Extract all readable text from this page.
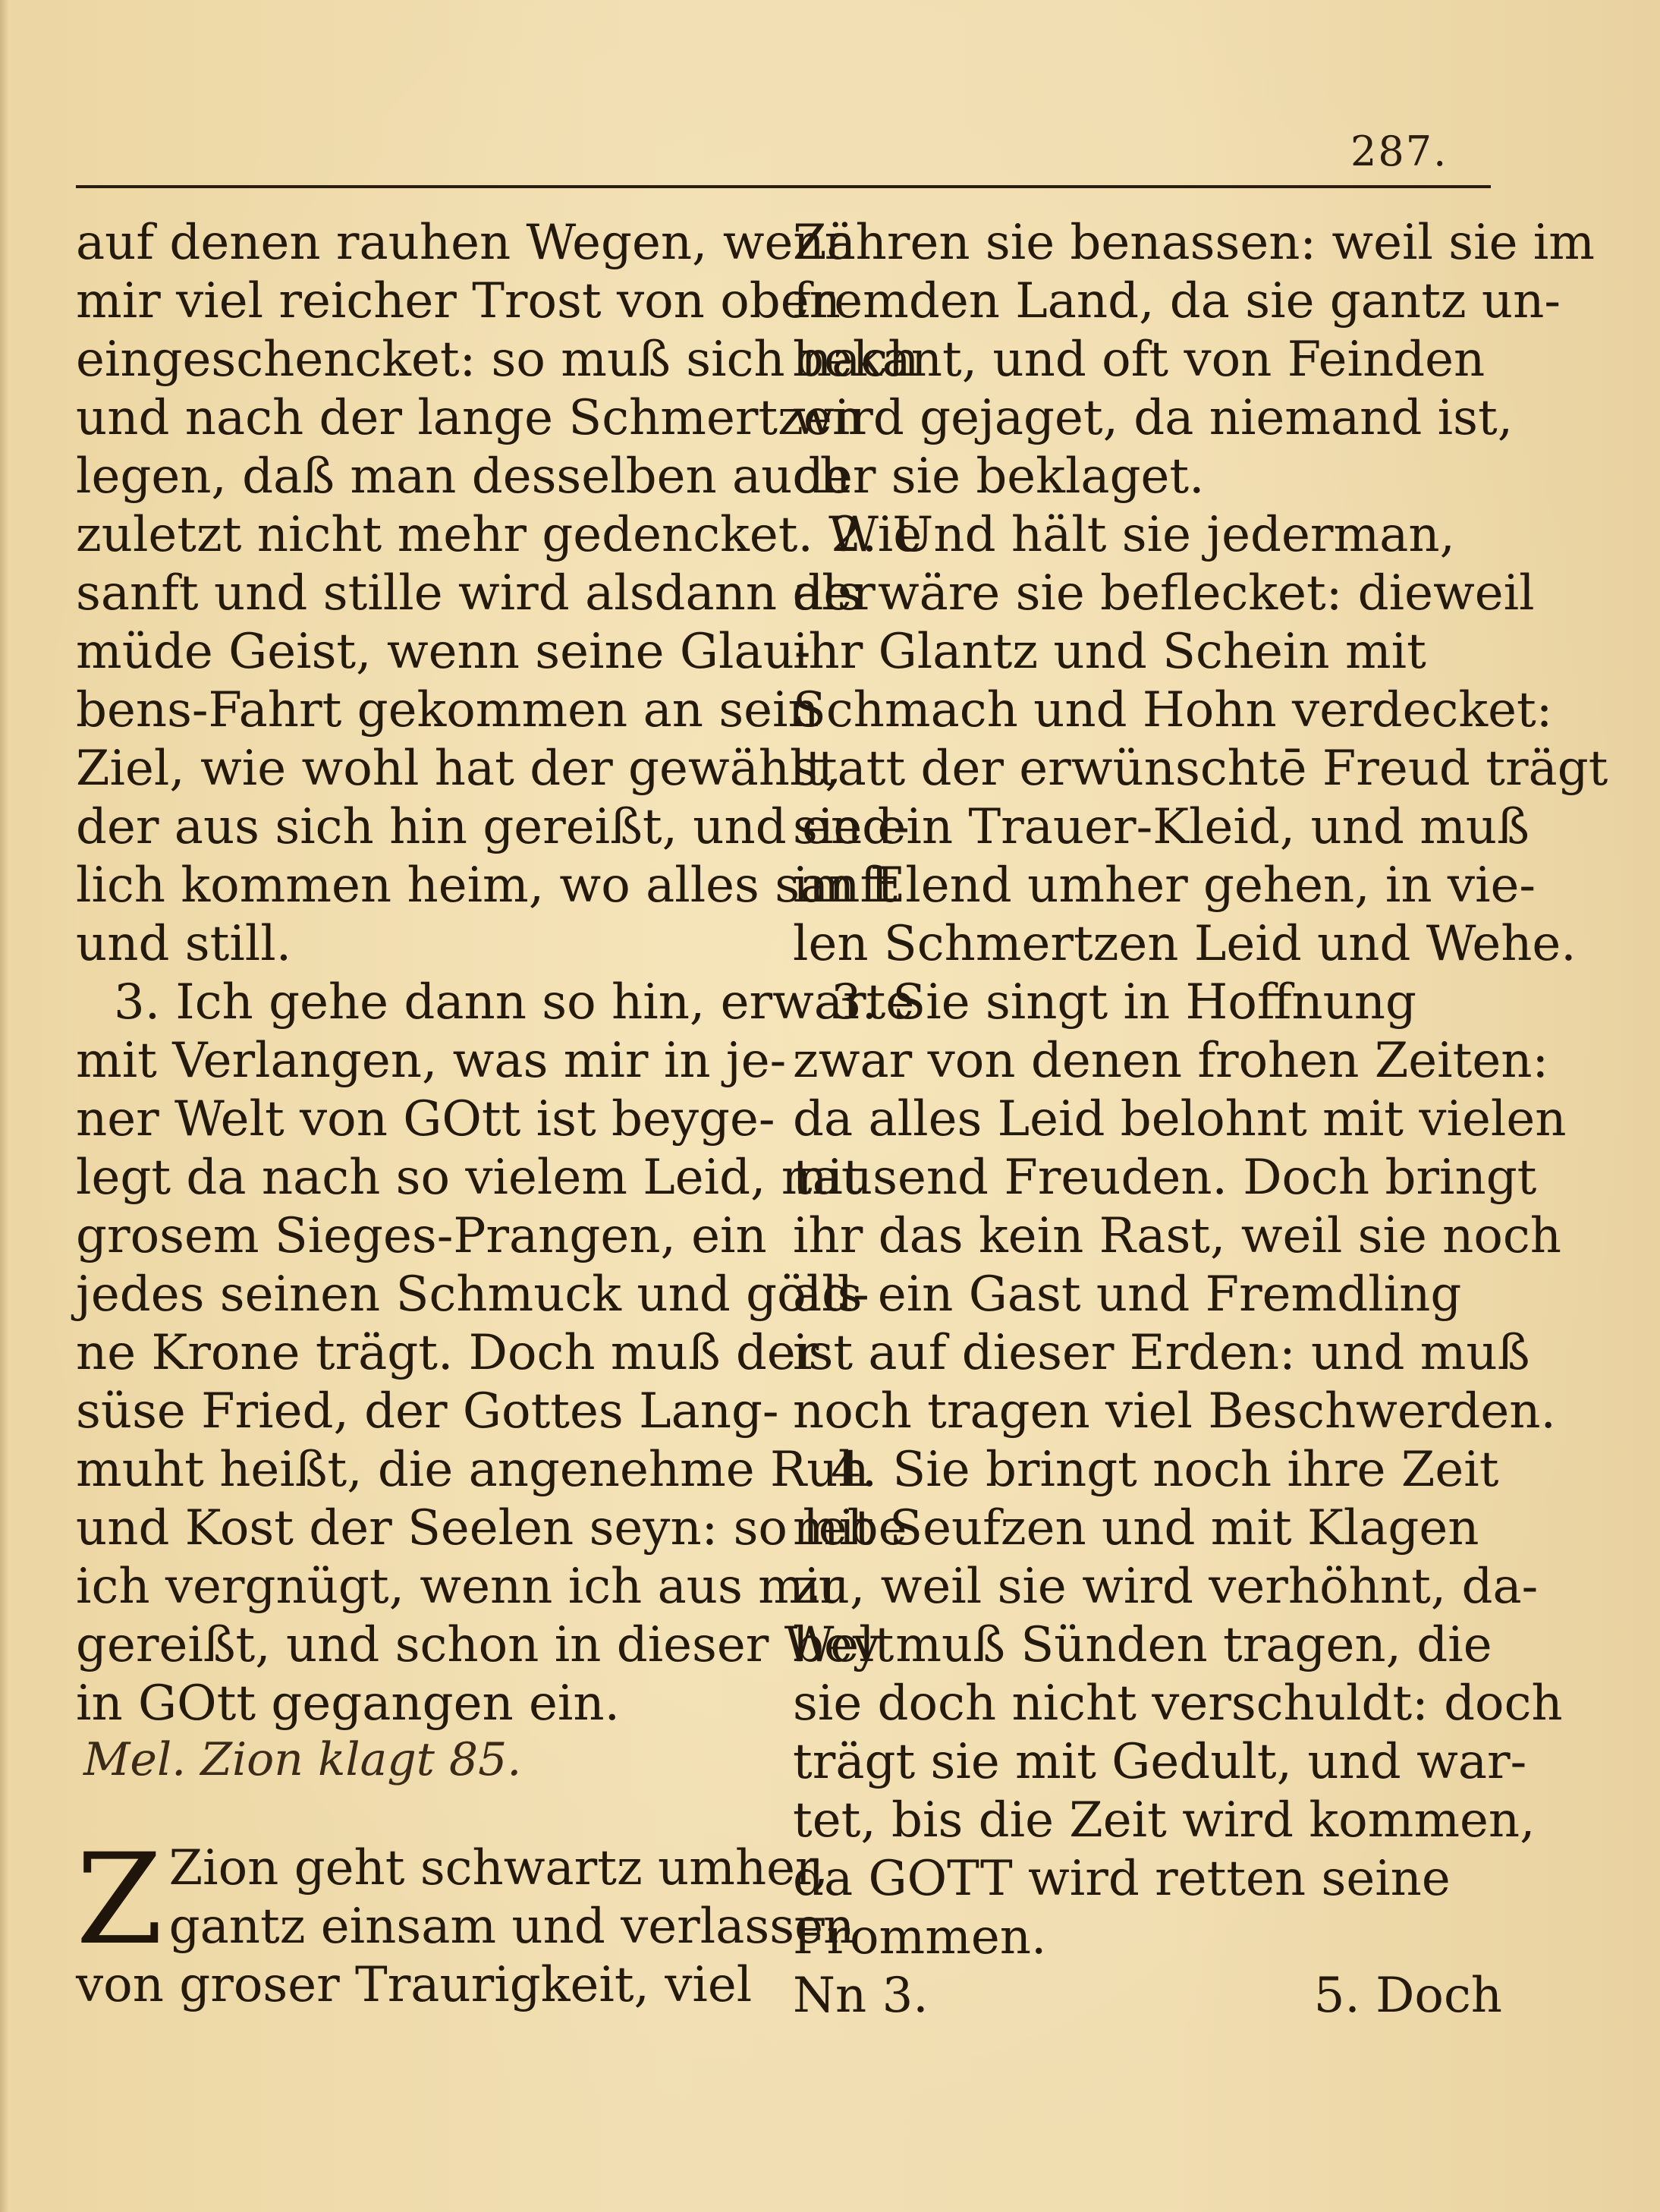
287.
auf denen rauhen Wegen, wenn
mir viel reicher Trost von oben
eingeschencket: so muß sich nach
und nach der lange Schmertzen
legen, daß man desselben auch
zuletzt nicht mehr gedencket. Wie
sanft und stille wird alsdann der
müde Geist, wenn seine Glau-
bens-Fahrt gekommen an sein
Ziel, wie wohl hat der gewählt,
der aus sich hin gereißt, und end-
lich kommen heim, wo alles sanft
und still.
3. Ich gehe dann so hin, erwarte
mit Verlangen, was mir in je-
ner Welt von GOtt ist beyge-
legt da nach so vielem Leid, mit
grosem Sieges-Prangen, ein
jedes seinen Schmuck und göld-
ne Krone trägt. Doch muß der
süse Fried, der Gottes Lang-
muht heißt, die angenehme Ruh
und Kost der Seelen seyn: so lebe
ich vergnügt, wenn ich aus mir
gereißt, und schon in dieser Welt
in GOtt gegangen ein.
Mel. Zion klagt 85.
Z Zion geht schwartz umher,
gantz einsam und verlassen
von groser Traurigkeit, viel
Zähren sie benassen: weil sie im
fremden Land, da sie gantz un-
bekant, und oft von Feinden
wird gejaget, da niemand ist,
der sie beklaget.
2. Und hält sie jederman,
als wäre sie beflecket: dieweil
ihr Glantz und Schein mit
Schmach und Hohn verdecket:
statt der erwünschtē Freud trägt
sie ein Trauer-Kleid, und muß
im Elend umher gehen, in vie-
len Schmertzen Leid und Wehe.
3. Sie singt in Hoffnung
zwar von denen frohen Zeiten:
da alles Leid belohnt mit vielen
tausend Freuden. Doch bringt
ihr das kein Rast, weil sie noch
als ein Gast und Fremdling
ist auf dieser Erden: und muß
noch tragen viel Beschwerden.
4. Sie bringt noch ihre Zeit
mit Seufzen und mit Klagen
zu, weil sie wird verhöhnt, da-
bey muß Sünden tragen, die
sie doch nicht verschuldt: doch
trägt sie mit Gedult, und war-
tet, bis die Zeit wird kommen,
da GOTT wird retten seine
Frommen.
Nn 3.	5. Doch
